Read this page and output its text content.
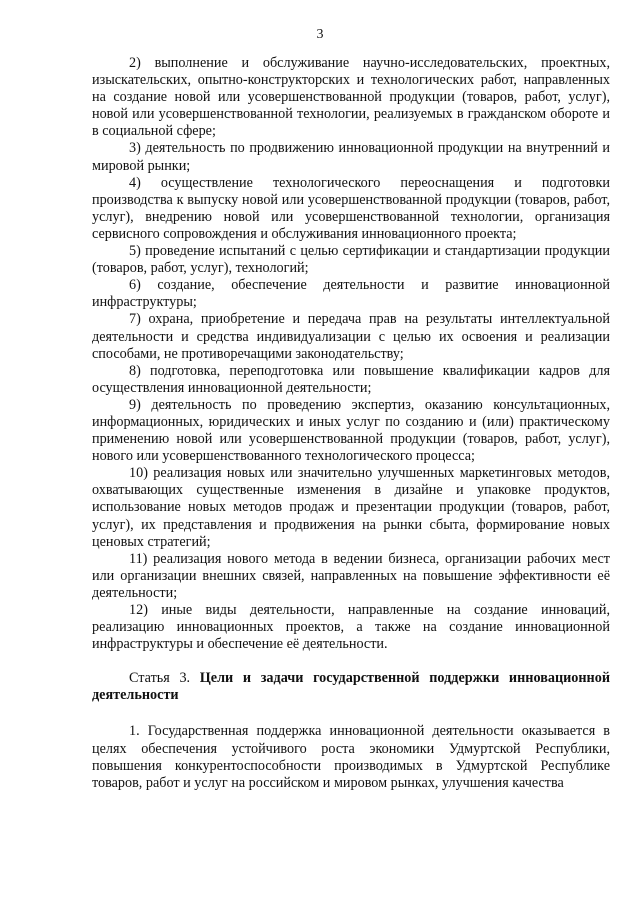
3

2) выполнение и обслуживание научно-исследовательских, проектных, изыскательских, опытно-конструкторских и технологических работ, направленных на создание новой или усовершенствованной продукции (товаров, работ, услуг), новой или усовершенствованной технологии, реализуемых в гражданском обороте и в социальной сфере;

3) деятельность по продвижению инновационной продукции на внутренний и мировой рынки;

4) осуществление технологического переоснащения и подготовки производства к выпуску новой или усовершенствованной продукции (товаров, работ, услуг), внедрению новой или усовершенствованной технологии, организация сервисного сопровождения и обслуживания инновационного проекта;

5) проведение испытаний с целью сертификации и стандартизации продукции (товаров, работ, услуг), технологий;

6) создание, обеспечение деятельности и развитие инновационной инфраструктуры;

7) охрана, приобретение и передача прав на результаты интеллектуальной деятельности и средства индивидуализации с целью их освоения и реализации способами, не противоречащими законодательству;

8) подготовка, переподготовка или повышение квалификации кадров для осуществления инновационной деятельности;

9) деятельность по проведению экспертиз, оказанию консультационных, информационных, юридических и иных услуг по созданию и (или) практическому применению новой или усовершенствованной продукции (товаров, работ, услуг), нового или усовершенствованного технологического процесса;

10) реализация новых или значительно улучшенных маркетинговых методов, охватывающих существенные изменения в дизайне и упаковке продуктов, использование новых методов продаж и презентации продукции (товаров, работ, услуг), их представления и продвижения на рынки сбыта, формирование новых ценовых стратегий;

11) реализация нового метода в ведении бизнеса, организации рабочих мест или организации внешних связей, направленных на повышение эффективности её деятельности;

12) иные виды деятельности, направленные на создание инноваций, реализацию инновационных проектов, а также на создание инновационной инфраструктуры и обеспечение её деятельности.

Статья 3. Цели и задачи государственной поддержки инновационной деятельности

1. Государственная поддержка инновационной деятельности оказывается в целях обеспечения устойчивого роста экономики Удмуртской Республики, повышения конкурентоспособности производимых в Удмуртской Республике товаров, работ и услуг на российском и мировом рынках, улучшения качества
